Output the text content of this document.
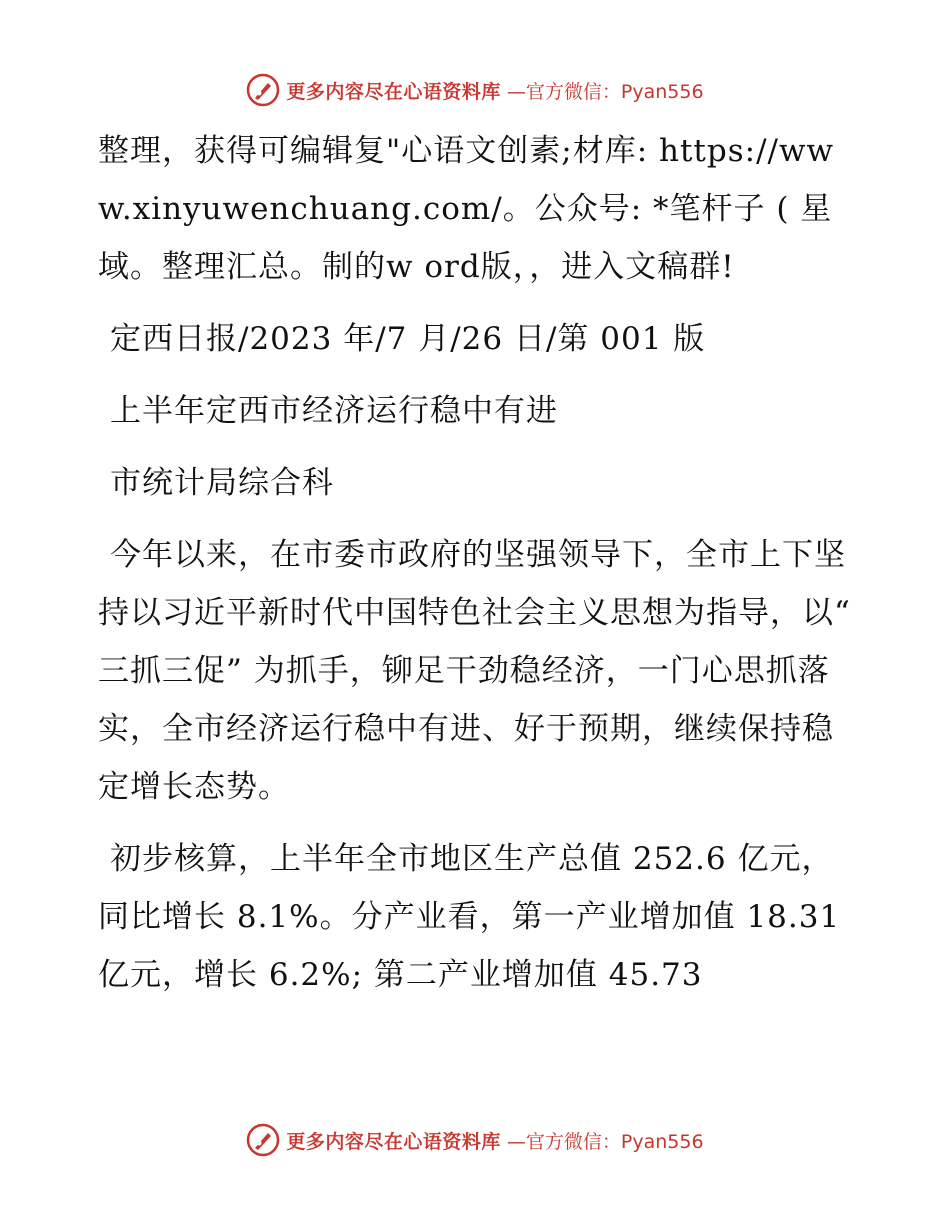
更多内容尽在心语资料库 —官方微信：Pyan556

整理，获得可编辑复"心语文创素;材库: https://www.xinyuwenchuang.com/。公众号: *笔杆子 ( 星域。整理汇总。制的w ord版，，进入文稿群!

定西日报/2023 年/7 月/26 日/第 001 版

上半年定西市经济运行稳中有进

市统计局综合科

今年以来，在市委市政府的坚强领导下，全市上下坚持以习近平新时代中国特色社会主义思想为指导，以“ 三抓三促” 为抓手，铆足干劲稳经济，一门心思抓落实，全市经济运行稳中有进、好于预期，继续保持稳定增长态势。

初步核算，上半年全市地区生产总值 252.6 亿元，同比增长 8.1%。分产业看，第一产业增加值 18.31 亿元，增长 6.2%; 第二产业增加值 45.73

更多内容尽在心语资料库 —官方微信：Pyan556
